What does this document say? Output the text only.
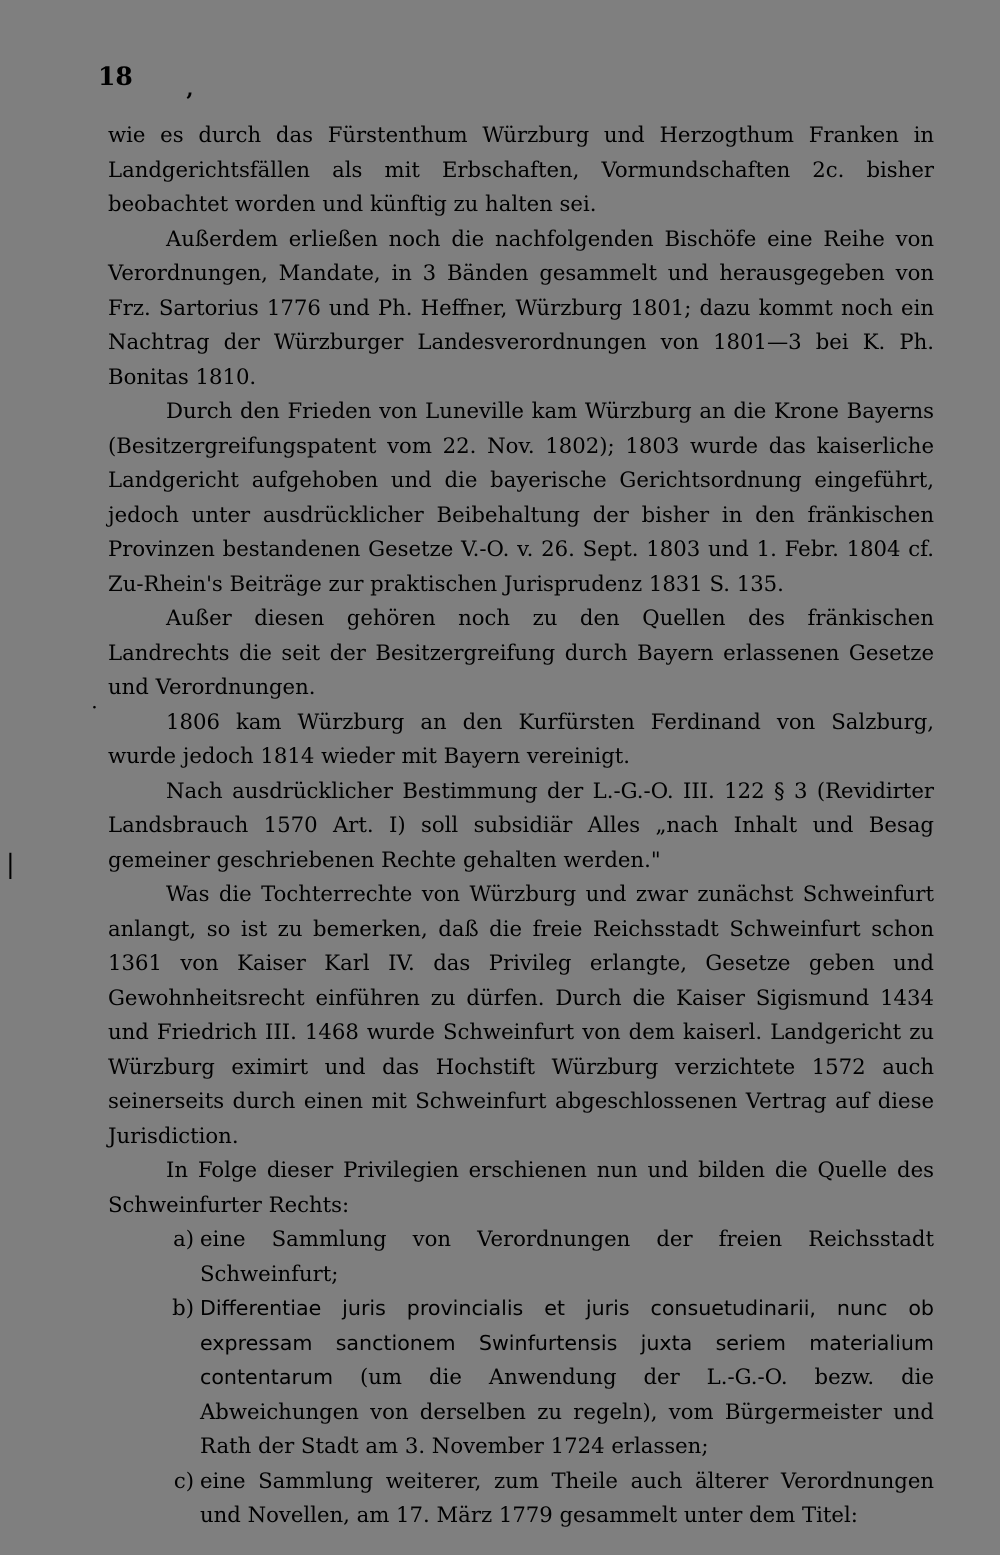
18 ‚
|
·

wie es durch das Fürstenthum Würzburg und Herzogthum Franken in Landgerichtsfällen als mit Erbschaften, Vormundschaften 2c. bisher beobachtet worden und künftig zu halten sei.

Außerdem erließen noch die nachfolgenden Bischöfe eine Reihe von Verordnungen, Mandate, in 3 Bänden gesammelt und herausgegeben von Frz. Sartorius 1776 und Ph. Heffner, Würzburg 1801; dazu kommt noch ein Nachtrag der Würzburger Landesverordnungen von 1801—3 bei K. Ph. Bonitas 1810.

Durch den Frieden von Luneville kam Würzburg an die Krone Bayerns (Besitzergreifungspatent vom 22. Nov. 1802); 1803 wurde das kaiserliche Landgericht aufgehoben und die bayerische Gerichtsordnung eingeführt, jedoch unter ausdrücklicher Beibehaltung der bisher in den fränkischen Provinzen bestandenen Gesetze V.-O. v. 26. Sept. 1803 und 1. Febr. 1804 cf. Zu-Rhein's Beiträge zur praktischen Jurisprudenz 1831 S. 135.

Außer diesen gehören noch zu den Quellen des fränkischen Landrechts die seit der Besitzergreifung durch Bayern erlassenen Gesetze und Verordnungen.

1806 kam Würzburg an den Kurfürsten Ferdinand von Salzburg, wurde jedoch 1814 wieder mit Bayern vereinigt.

Nach ausdrücklicher Bestimmung der L.-G.-O. III. 122 § 3 (Revidirter Landsbrauch 1570 Art. I) soll subsidiär Alles „nach Inhalt und Besag gemeiner geschriebenen Rechte gehalten werden."

Was die Tochterrechte von Würzburg und zwar zunächst Schweinfurt anlangt, so ist zu bemerken, daß die freie Reichsstadt Schweinfurt schon 1361 von Kaiser Karl IV. das Privileg erlangte, Gesetze geben und Gewohnheitsrecht einführen zu dürfen. Durch die Kaiser Sigismund 1434 und Friedrich III. 1468 wurde Schweinfurt von dem kaiserl. Landgericht zu Würzburg eximirt und das Hochstift Würzburg verzichtete 1572 auch seinerseits durch einen mit Schweinfurt abgeschlossenen Vertrag auf diese Jurisdiction.

In Folge dieser Privilegien erschienen nun und bilden die Quelle des Schweinfurter Rechts:

a) eine Sammlung von Verordnungen der freien Reichsstadt Schweinfurt;
b) Differentiae juris provincialis et juris consuetudinarii, nunc ob expressam sanctionem Swinfurtensis juxta seriem materialium contentarum (um die Anwendung der L.-G.-O. bezw. die Abweichungen von derselben zu regeln), vom Bürgermeister und Rath der Stadt am 3. November 1724 erlassen;
c) eine Sammlung weiterer, zum Theile auch älterer Verordnungen und Novellen, am 17. März 1779 gesammelt unter dem Titel:
